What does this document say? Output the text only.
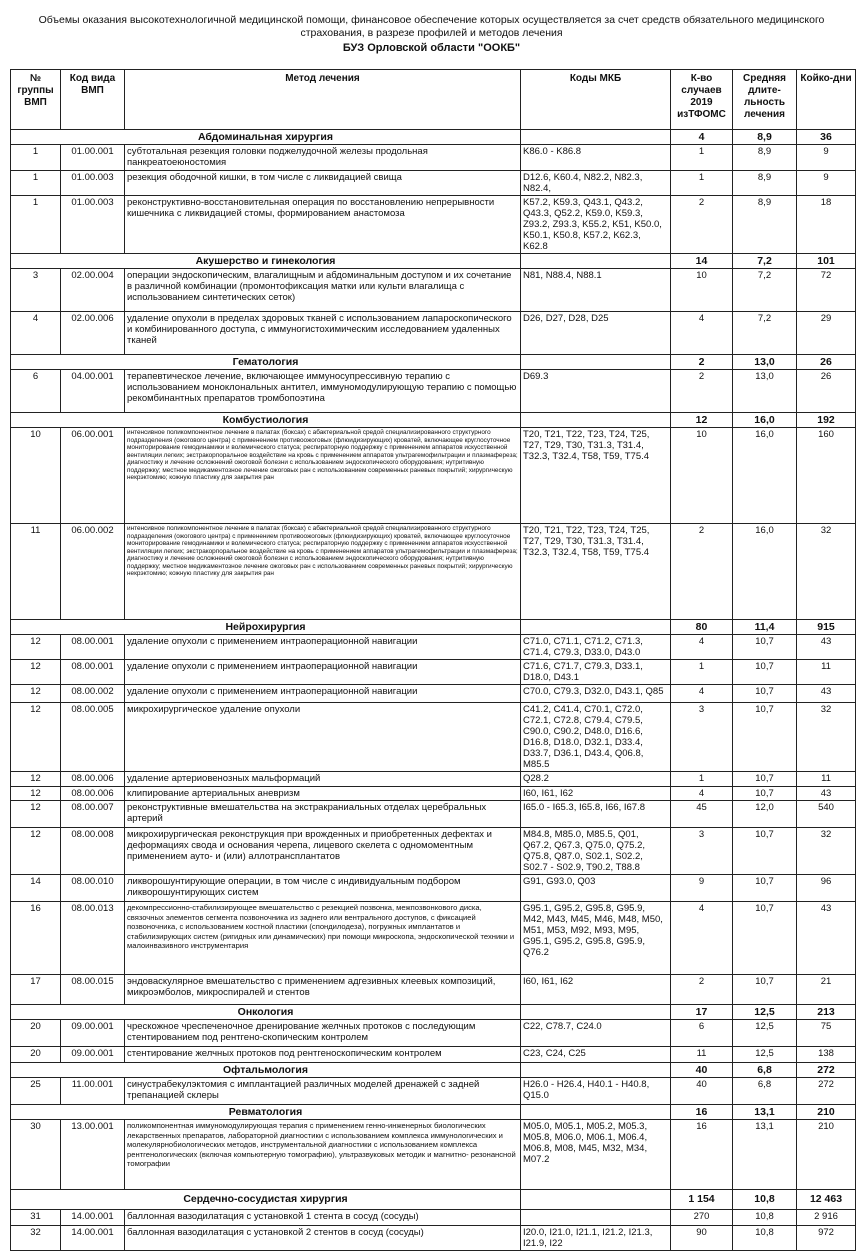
Объемы оказания высокотехнологичной медицинской помощи, финансовое обеспечение которых осуществляется за счет средств обязательного медицинского страхования, в разрезе профилей и методов лечения
БУЗ Орловской области "ООКБ"
№ группы ВМП	Код вида ВМП	Метод лечения	Коды МКБ	К-во случаев 2019 изТФОМС	Средняя длите-льность лечения	Койко-дни
Абдоминальная хирургия				4	8,9	36
1	01.00.001	субтотальная резекция головки поджелудочной железы продольная панкреатоеюностомия	K86.0 - K86.8	1	8,9	9
1	01.00.003	резекция ободочной кишки, в том числе с ликвидацией свища	D12.6, K60.4, N82.2, N82.3, N82.4,	1	8,9	9
1	01.00.003	реконструктивно-восстановительная операция по восстановлению непрерывности кишечника с ликвидацией стомы, формированием анастомоза	K57.2, K59.3, Q43.1, Q43.2, Q43.3, Q52.2, K59.0, K59.3, Z93.2, Z93.3, K55.2, K51, K50.0, K50.1, K50.8, K57.2, K62.3, K62.8	2	8,9	18
Акушерство и гинекология				14	7,2	101
3	02.00.004	операции эндоскопическим, влагалищным и абдоминальным доступом и их сочетание в различной комбинации (промонтофиксация матки или культи влагалища с использованием синтетических сеток)	N81, N88.4, N88.1	10	7,2	72
4	02.00.006	удаление опухоли в пределах здоровых тканей с использованием лапароскопического и комбинированного доступа, с иммуногистохимическим исследованием удаленных тканей	D26, D27, D28, D25	4	7,2	29
Гематология				2	13,0	26
6	04.00.001	терапевтическое лечение, включающее иммуносупрессивную терапию с использованием моноклональных антител, иммуномодулирующую терапию с помощью рекомбинантных препаратов тромбопоэтина	D69.3	2	13,0	26
Комбустиология				12	16,0	192
10	06.00.001	интенсивное поликомпонентное лечение в палатах (боксах) с абактериальной средой специализированного структурного подразделения (ожогового центра) с применением противоожоговых (флюидизирующих) кроватей, включающее круглосуточное мониторирование гемодинамики и волемического статуса; респираторную поддержку с применением аппаратов искусственной вентиляции легких; экстракорпоральное воздействие на кровь с применением аппаратов ультрагемофильтрации и плазмафереза; диагностику и лечение осложнений ожоговой болезни с использованием эндоскопического оборудования; нутритивную поддержку; местное медикаментозное лечение ожоговых ран с использованием современных раневых покрытий; хирургическую некрэктомию; кожную пластику для закрытия ран	T20, T21, T22, T23, T24, T25, T27, T29, T30, T31.3, T31.4, T32.3, T32.4, T58, T59, T75.4	10	16,0	160
11	06.00.002	интенсивное поликомпонентное лечение в палатах (боксах) с абактериальной средой специализированного структурного подразделения (ожогового центра) с применением противоожоговых (флюидизирующих) кроватей, включающее круглосуточное мониторирование гемодинамики и волемического статуса; респираторную поддержку с применением аппаратов искусственной вентиляции легких; экстракорпоральное воздействие на кровь с применением аппаратов ультрагемофильтрации и плазмафереза; диагностику и лечение осложнений ожоговой болезни с использованием эндоскопического оборудования; нутритивную поддержку; местное медикаментозное лечение ожоговых ран с использованием современных раневых покрытий; хирургическую некрэктомию; кожную пластику для закрытия ран	T20, T21, T22, T23, T24, T25, T27, T29, T30, T31.3, T31.4, T32.3, T32.4, T58, T59, T75.4	2	16,0	32
Нейрохирургия				80	11,4	915
12	08.00.001	удаление опухоли с применением интраоперационной навигации	C71.0, C71.1, C71.2, C71.3, C71.4, C79.3, D33.0, D43.0	4	10,7	43
12	08.00.001	удаление опухоли с применением интраоперационной навигации	C71.6, C71.7, C79.3, D33.1, D18.0, D43.1	1	10,7	11
12	08.00.002	удаление опухоли с применением интраоперационной навигации	C70.0, C79.3, D32.0, D43.1, Q85	4	10,7	43
12	08.00.005	микрохирургическое удаление опухоли	C41.2, C41.4, C70.1, C72.0, C72.1, C72.8, C79.4, C79.5, C90.0, C90.2, D48.0, D16.6, D16.8, D18.0, D32.1, D33.4, D33.7, D36.1, D43.4, Q06.8, M85.5	3	10,7	32
12	08.00.006	удаление артериовенозных мальформаций	Q28.2	1	10,7	11
12	08.00.006	клипирование артериальных аневризм	I60, I61, I62	4	10,7	43
12	08.00.007	реконструктивные вмешательства на экстракраниальных отделах церебральных артерий	I65.0 - I65.3, I65.8, I66, I67.8	45	12,0	540
12	08.00.008	микрохирургическая реконструкция при врожденных и приобретенных дефектах и деформациях свода и основания черепа, лицевого скелета с одномоментным применением ауто- и (или) аллотрансплантатов	M84.8, M85.0, M85.5, Q01, Q67.2, Q67.3, Q75.0, Q75.2, Q75.8, Q87.0, S02.1, S02.2, S02.7 - S02.9, T90.2, T88.8	3	10,7	32
14	08.00.010	ликворошунтирующие операции, в том числе с индивидуальным подбором ликворошунтирующих систем	G91, G93.0, Q03	9	10,7	96
16	08.00.013	декомпрессионно-стабилизирующее вмешательство с резекцией позвонка, межпозвонкового диска, связочных элементов сегмента позвоночника из заднего или вентрального доступов, с фиксацией позвоночника, с использованием костной пластики (спондилодеза), погружных имплантатов и стабилизирующих систем (ригидных или динамических) при помощи микроскопа, эндоскопической техники и малоинвазивного инструментария	G95.1, G95.2, G95.8, G95.9, M42, M43, M45, M46, M48, M50, M51, M53, M92, M93, M95, G95.1, G95.2, G95.8, G95.9, Q76.2	4	10,7	43
17	08.00.015	эндоваскулярное вмешательство с применением адгезивных клеевых композиций, микроэмболов, микроспиралей и стентов	I60, I61, I62	2	10,7	21
Онкология				17	12,5	213
20	09.00.001	чрескожное чреспеченочное дренирование желчных протоков с последующим стентированием под рентгено-скопическим контролем	C22, C78.7, C24.0	6	12,5	75
20	09.00.001	стентирование желчных протоков под рентгеноскопическим контролем	C23, C24, C25	11	12,5	138
Офтальмология				40	6,8	272
25	11.00.001	синустрабекулэктомия с имплантацией различных моделей дренажей с задней трепанацией склеры	H26.0 - H26.4, H40.1 - H40.8, Q15.0	40	6,8	272
Ревматология				16	13,1	210
30	13.00.001	поликомпонентная иммуномодулирующая терапия с применением генно-инженерных биологических лекарственных препаратов, лабораторной диагностики с использованием комплекса иммунологических и молекулярнобиологических методов, инструментальной диагностики с использованием комплекса рентгенологических (включая компьютерную томографию), ультразвуковых методик и магнитно- резонансной томографии	M05.0, M05.1, M05.2, M05.3, M05.8, M06.0, M06.1, M06.4, M06.8, M08, M45, M32, M34, M07.2	16	13,1	210
Сердечно-сосудистая хирургия				1 154	10,8	12 463
31	14.00.001	баллонная вазодилатация с установкой 1 стента в сосуд (сосуды)		270	10,8	2 916
32	14.00.001	баллонная вазодилатация с установкой 2 стентов в сосуд (сосуды)	I20.0, I21.0, I21.1, I21.2, I21.3, I21.9, I22	90	10,8	972
